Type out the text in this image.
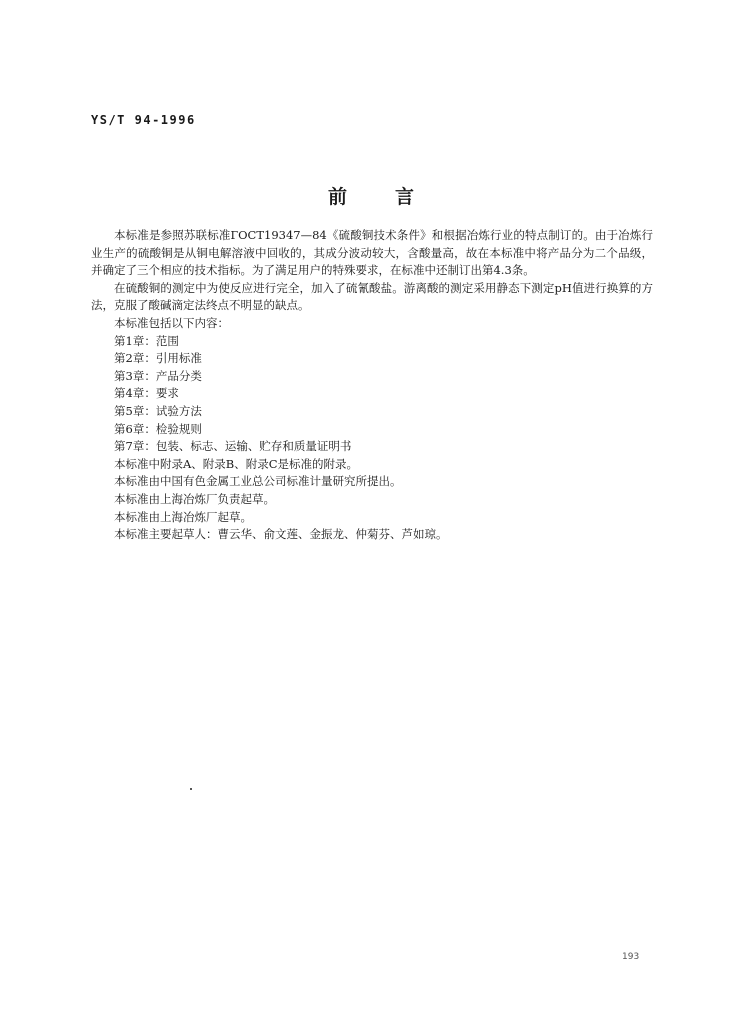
YS/T 94-1996
前言

本标准是参照苏联标准ГОСТ19347—84《硫酸铜技术条件》和根据冶炼行业的特点制订的。由于冶炼行业生产的硫酸铜是从铜电解溶液中回收的，其成分波动较大，含酸量高，故在本标准中将产品分为二个品级，并确定了三个相应的技术指标。为了满足用户的特殊要求，在标准中还制订出第4.3条。

在硫酸铜的测定中为使反应进行完全，加入了硫氰酸盐。游离酸的测定采用静态下测定pH值进行换算的方法，克服了酸碱滴定法终点不明显的缺点。

本标准包括以下内容：

第1章：范围

第2章：引用标准

第3章：产品分类

第4章：要求

第5章：试验方法

第6章：检验规则

第7章：包装、标志、运输、贮存和质量证明书

本标准中附录A、附录B、附录C是标准的附录。

本标准由中国有色金属工业总公司标准计量研究所提出。

本标准由上海冶炼厂负责起草。

本标准由上海冶炼厂起草。

本标准主要起草人：曹云华、俞文莲、金振龙、仲菊芬、芦如琼。

193
